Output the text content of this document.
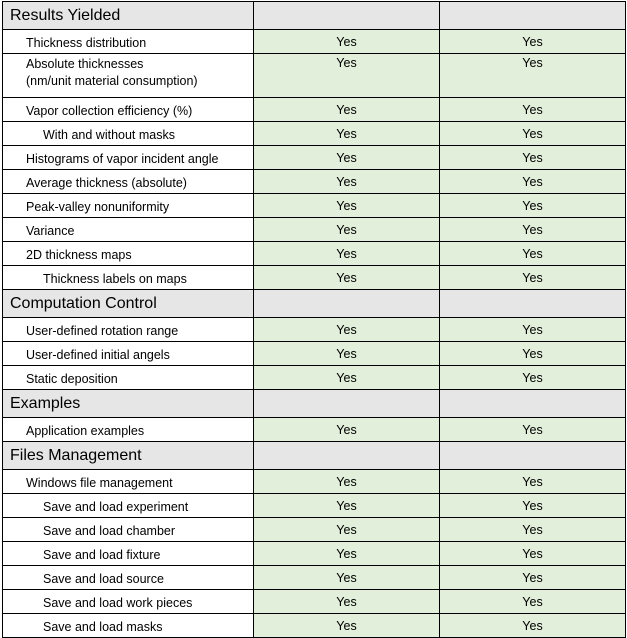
Results Yielded		
Thickness distribution	Yes	Yes
Absolute thicknesses
(nm/unit material consumption)	Yes	Yes
Vapor collection efficiency (%)	Yes	Yes
With and without masks	Yes	Yes
Histograms of vapor incident angle	Yes	Yes
Average thickness (absolute)	Yes	Yes
Peak-valley nonuniformity	Yes	Yes
Variance	Yes	Yes
2D thickness maps	Yes	Yes
Thickness labels on maps	Yes	Yes
Computation Control		
User-defined rotation range	Yes	Yes
User-defined initial angels	Yes	Yes
Static deposition	Yes	Yes
Examples		
Application examples	Yes	Yes
Files Management		
Windows file management	Yes	Yes
Save and load experiment	Yes	Yes
Save and load chamber	Yes	Yes
Save and load fixture	Yes	Yes
Save and load source	Yes	Yes
Save and load work pieces	Yes	Yes
Save and load masks	Yes	Yes
